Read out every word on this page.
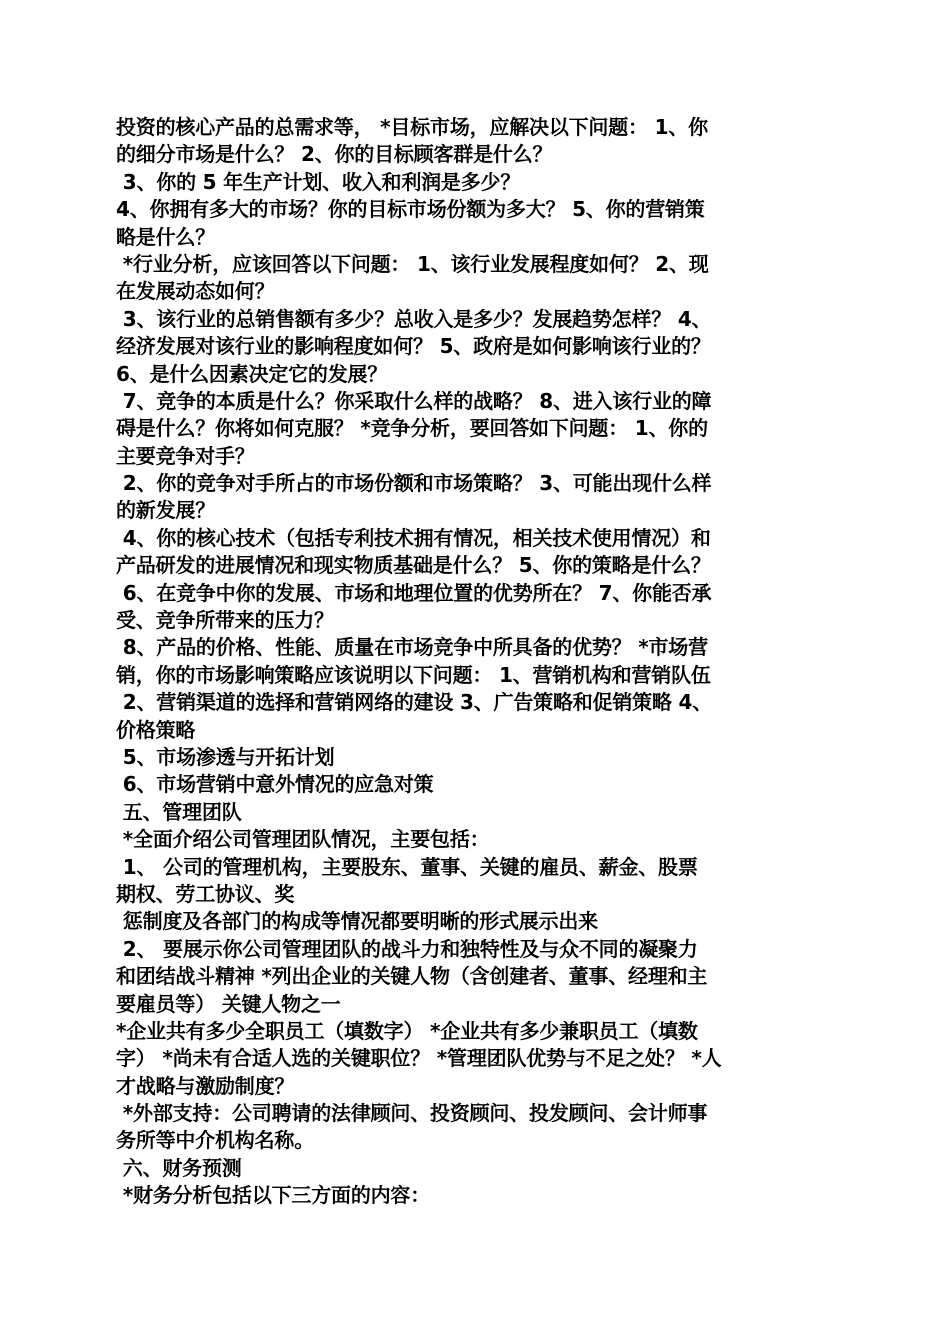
投资的核心产品的总需求等， *目标市场，应解决以下问题： 1、你
的细分市场是什么？ 2、你的目标顾客群是什么？
3、你的 5 年生产计划、收入和利润是多少？
4、你拥有多大的市场？你的目标市场份额为多大？ 5、你的营销策
略是什么？
*行业分析，应该回答以下问题： 1、该行业发展程度如何？ 2、现
在发展动态如何？
3、该行业的总销售额有多少？总收入是多少？发展趋势怎样？ 4、
经济发展对该行业的影响程度如何？ 5、政府是如何影响该行业的？
6、是什么因素决定它的发展？
7、竞争的本质是什么？你采取什么样的战略？ 8、进入该行业的障
碍是什么？你将如何克服？ *竞争分析，要回答如下问题： 1、你的
主要竞争对手？
2、你的竞争对手所占的市场份额和市场策略？ 3、可能出现什么样
的新发展？
4、你的核心技术（包括专利技术拥有情况，相关技术使用情况）和
产品研发的进展情况和现实物质基础是什么？ 5、你的策略是什么？
6、在竞争中你的发展、市场和地理位置的优势所在？ 7、你能否承
受、竞争所带来的压力？
8、产品的价格、性能、质量在市场竞争中所具备的优势？ *市场营
销，你的市场影响策略应该说明以下问题： 1、营销机构和营销队伍
2、营销渠道的选择和营销网络的建设 3、广告策略和促销策略 4、
价格策略
5、市场渗透与开拓计划
6、市场营销中意外情况的应急对策
五、管理团队
*全面介绍公司管理团队情况，主要包括：
1、 公司的管理机构，主要股东、董事、关键的雇员、薪金、股票
期权、劳工协议、奖
惩制度及各部门的构成等情况都要明晰的形式展示出来
2、 要展示你公司管理团队的战斗力和独特性及与众不同的凝聚力
和团结战斗精神 *列出企业的关键人物（含创建者、董事、经理和主
要雇员等） 关键人物之一
*企业共有多少全职员工（填数字） *企业共有多少兼职员工（填数
字） *尚未有合适人选的关键职位？ *管理团队优势与不足之处？ *人
才战略与激励制度？
*外部支持：公司聘请的法律顾问、投资顾问、投发顾问、会计师事
务所等中介机构名称。
六、财务预测
*财务分析包括以下三方面的内容：
